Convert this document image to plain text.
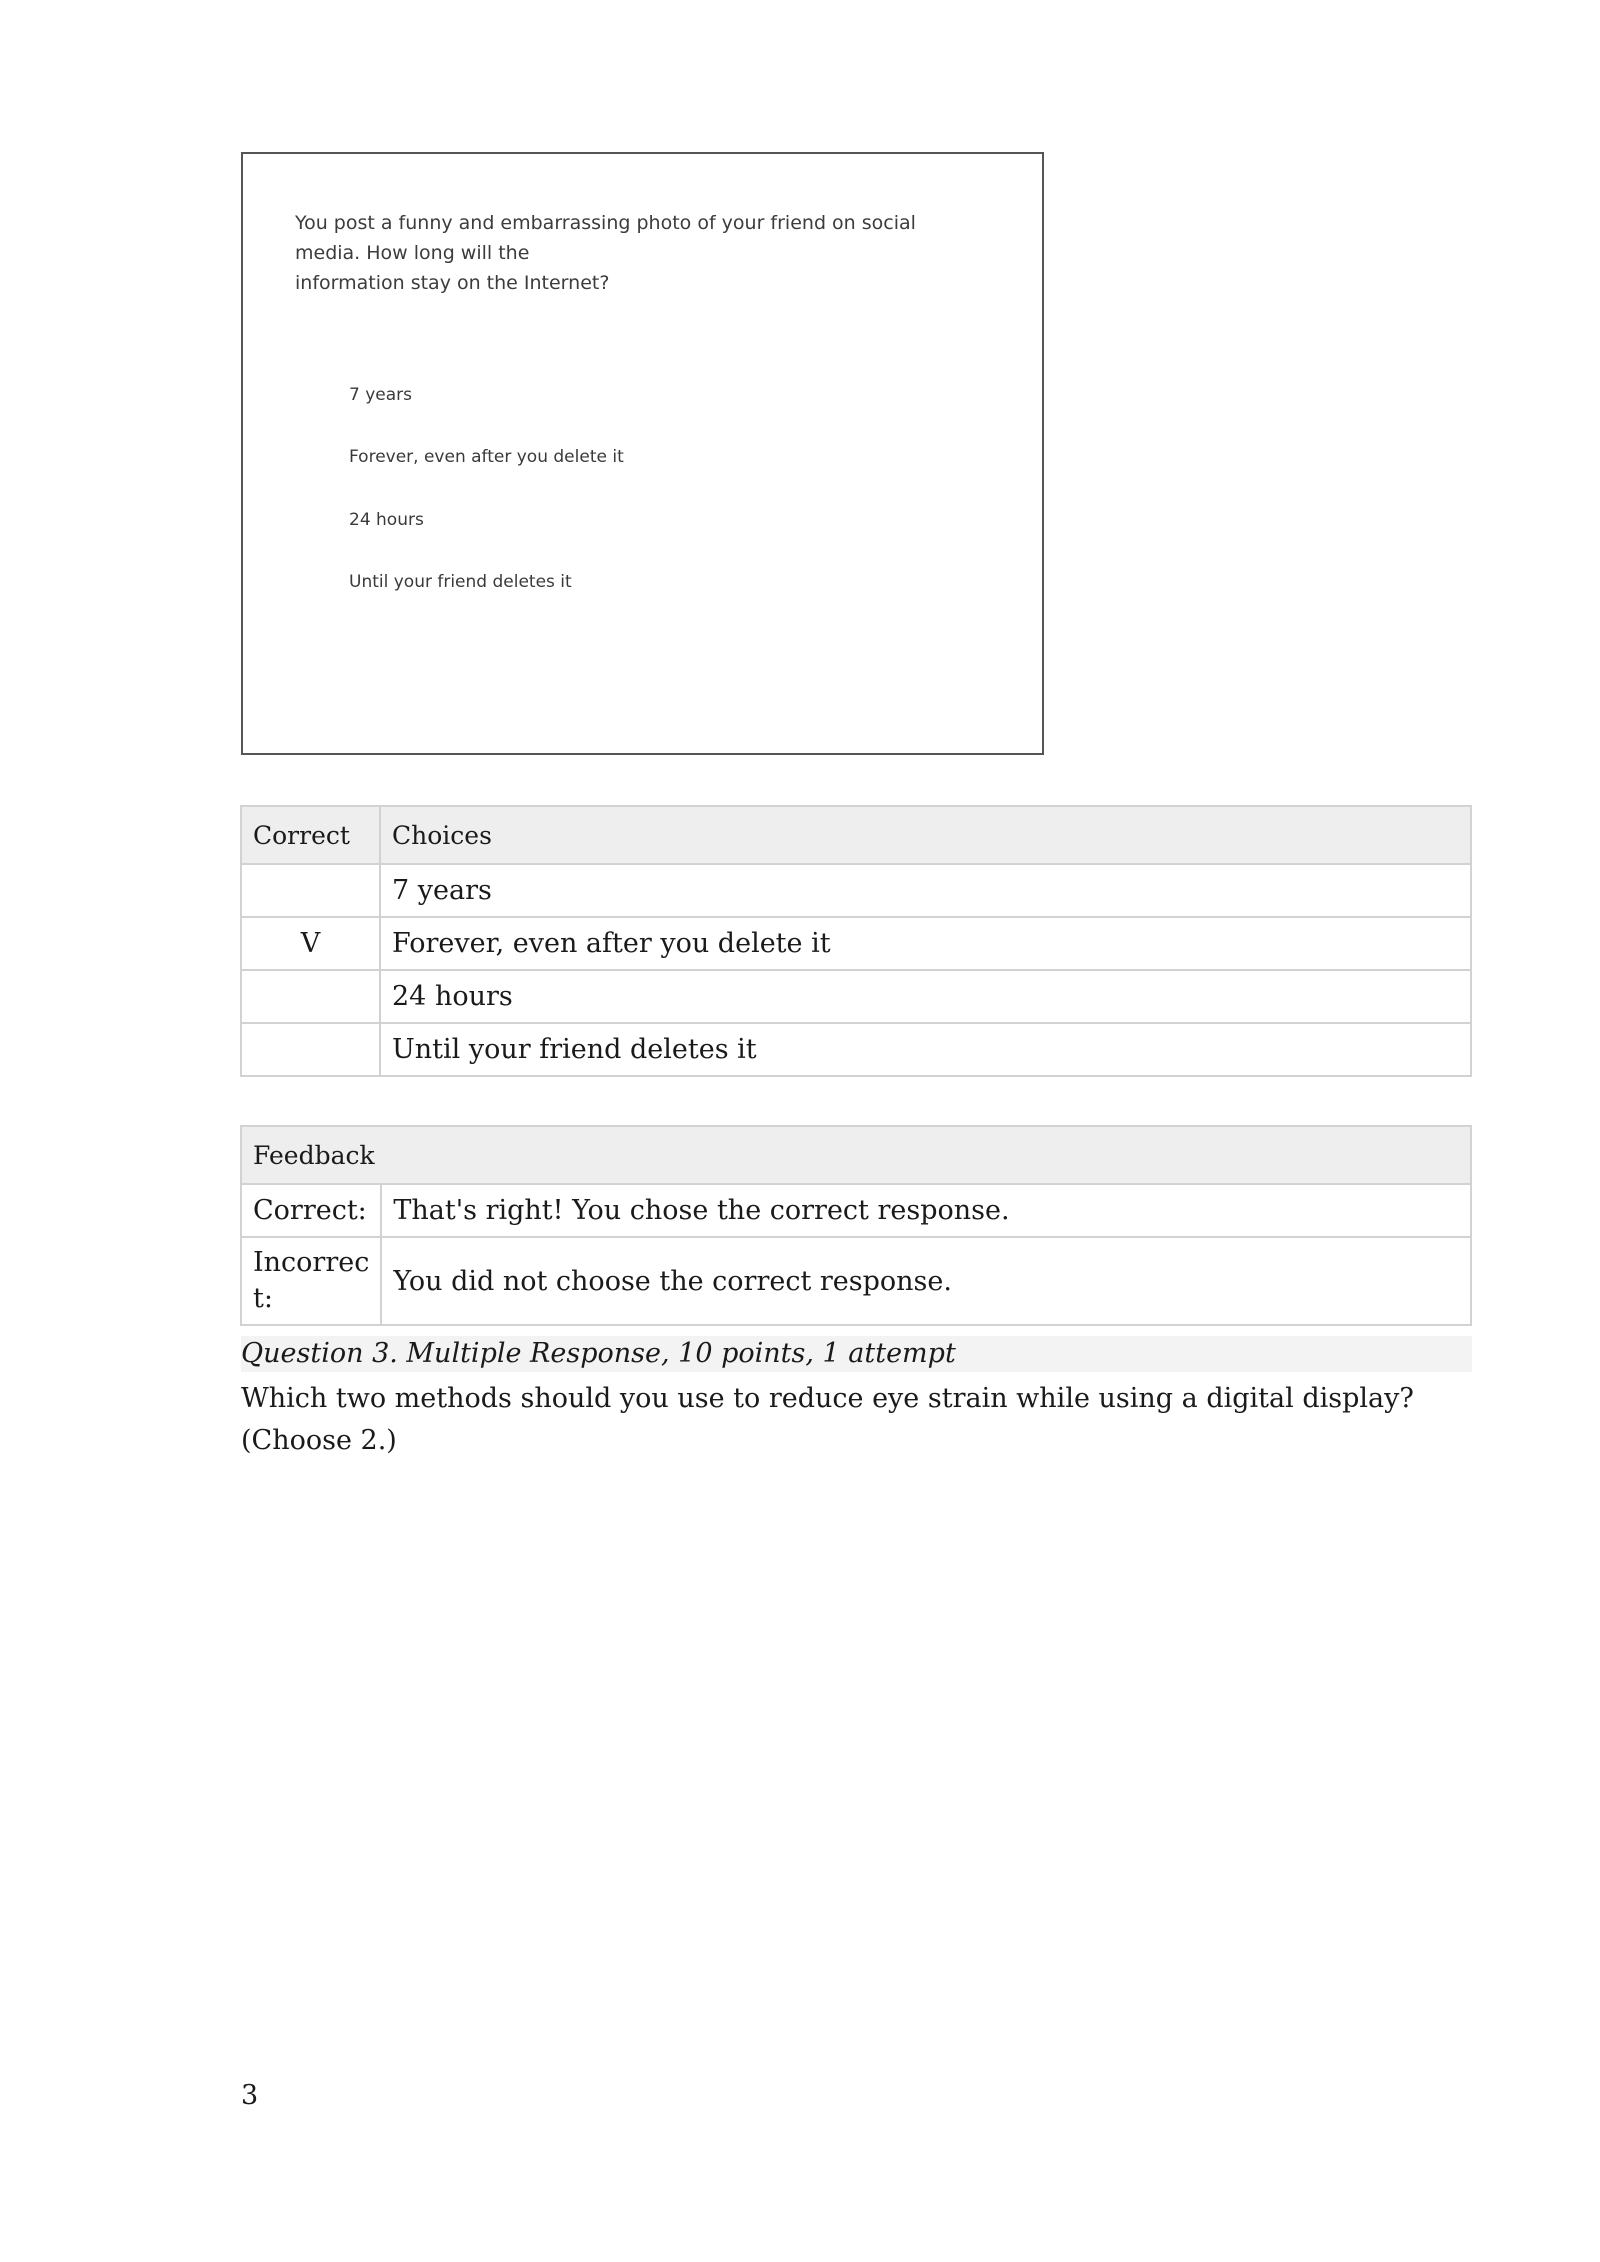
You post a funny and embarrassing photo of your friend on social
media. How long will the
information stay on the Internet?

7 years

Forever, even after you delete it

24 hours

Until your friend deletes it

Correct	Choices
	7 years
V	Forever, even after you delete it
	24 hours
	Until your friend deletes it
Feedback	
Correct:	That's right! You chose the correct response.
Incorrec
t:	You did not choose the correct response.

Question 3. Multiple Response, 10 points, 1 attempt

Which two methods should you use to reduce eye strain while using a digital display? (Choose 2.)

3
